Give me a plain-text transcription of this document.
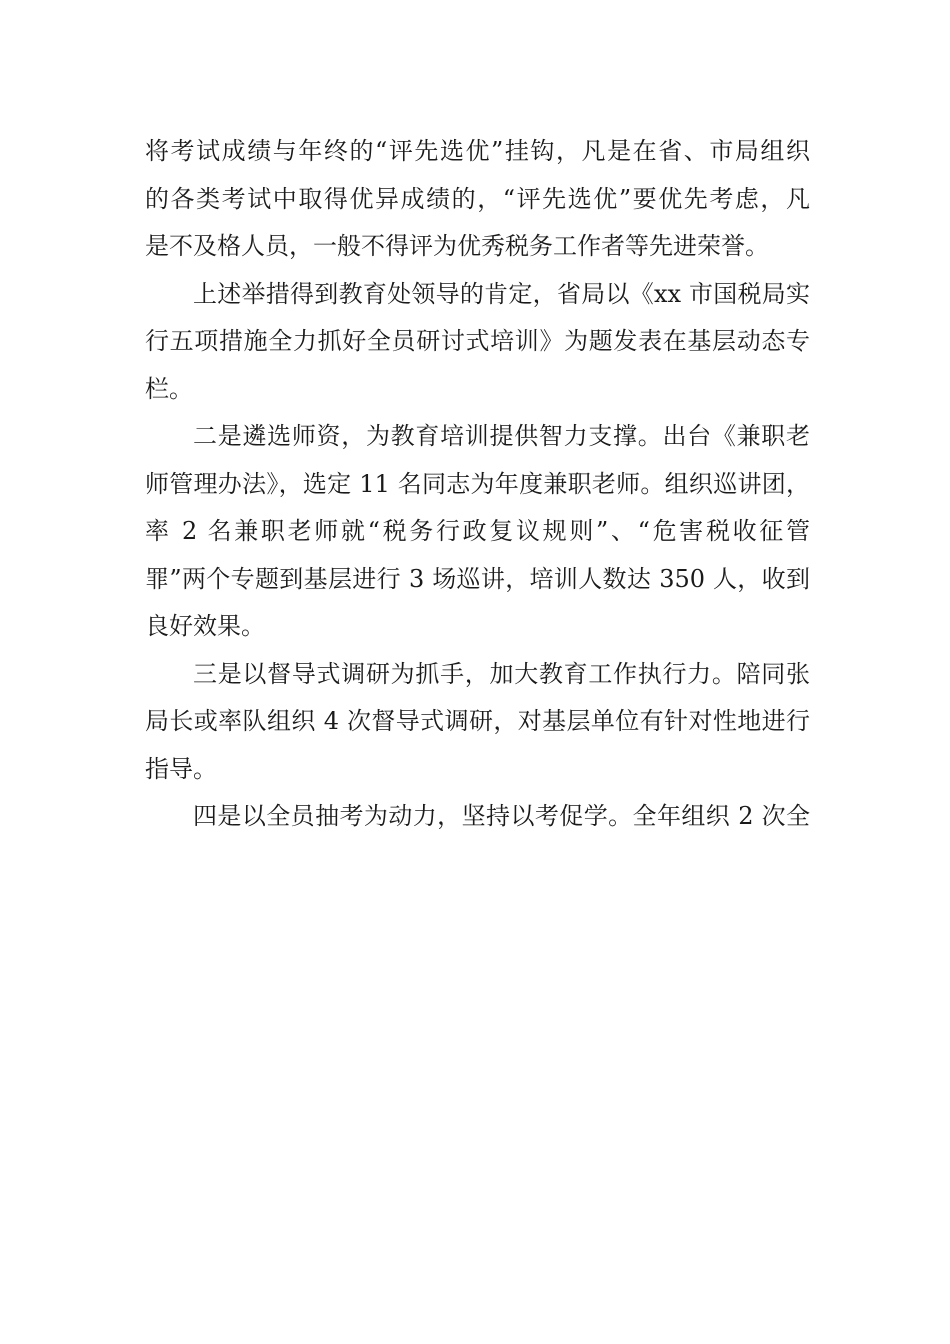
将考试成绩与年终的“评先选优”挂钩，凡是在省、市局组织
的各类考试中取得优异成绩的，“评先选优”要优先考虑，凡
是不及格人员，一般不得评为优秀税务工作者等先进荣誉。

上述举措得到教育处领导的肯定，省局以《xx 市国税局实
行五项措施全力抓好全员研讨式培训》为题发表在基层动态专
栏。

二是遴选师资，为教育培训提供智力支撑。出台《兼职老
师管理办法》，选定 11 名同志为年度兼职老师。组织巡讲团，
率 2 名兼职老师就“税务行政复议规则”、“危害税收征管
罪”两个专题到基层进行 3 场巡讲，培训人数达 350 人，收到
良好效果。

三是以督导式调研为抓手，加大教育工作执行力。陪同张
局长或率队组织 4 次督导式调研，对基层单位有针对性地进行
指导。

四是以全员抽考为动力，坚持以考促学。全年组织 2 次全
